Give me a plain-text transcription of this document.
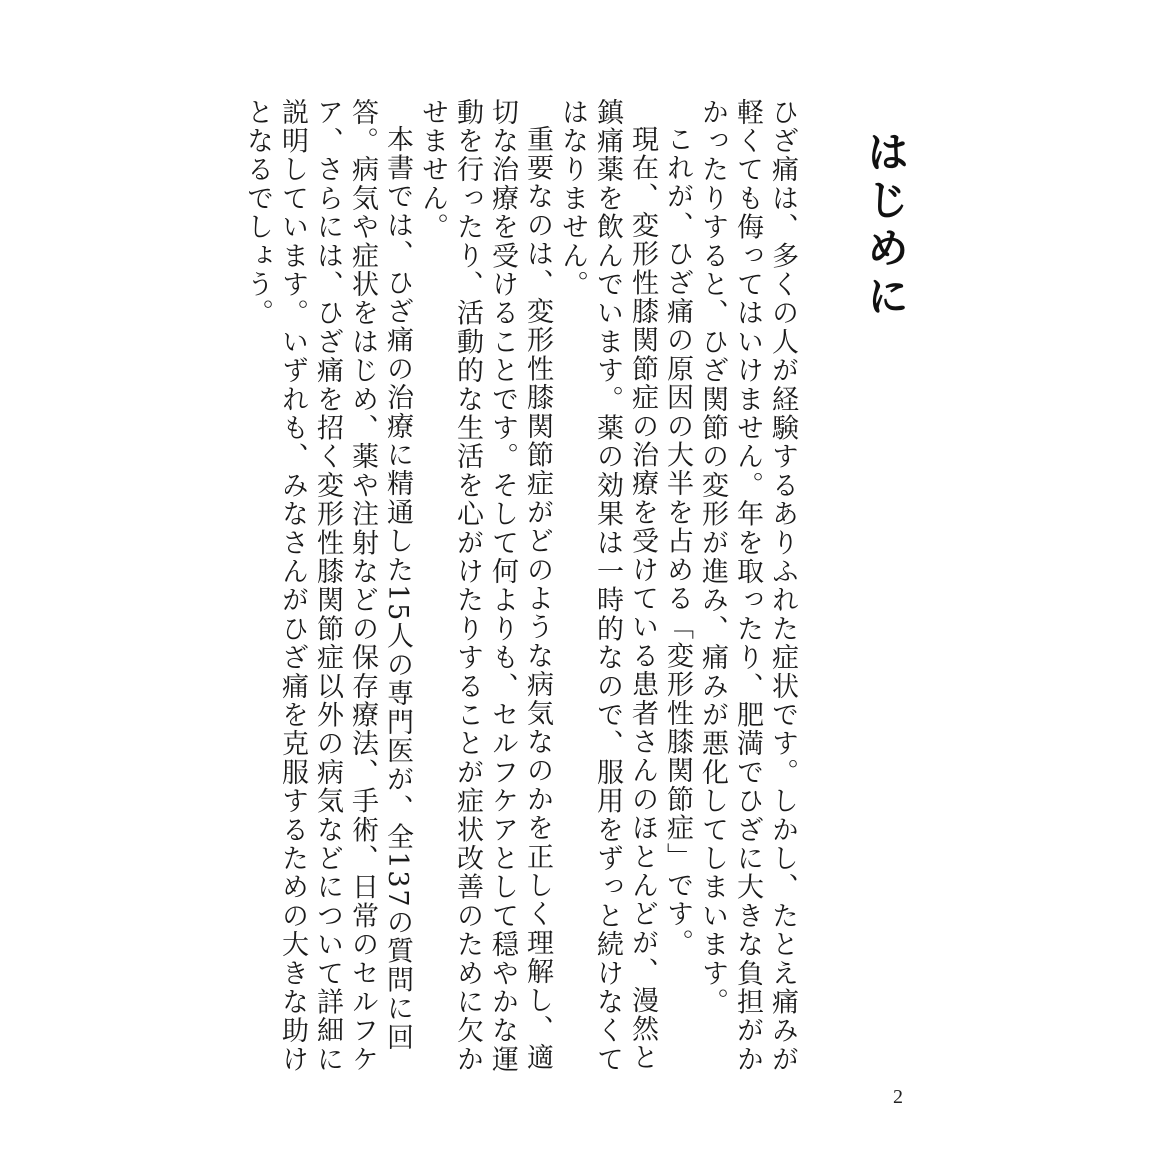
はじめに

ひざ痛は、多くの人が経験するありふれた症状です。しかし、たとえ痛みが軽くても侮ってはいけません。年を取ったり、肥満でひざに大きな負担がかかったりすると、ひざ関節の変形が進み、痛みが悪化してしまいます。

これが、ひざ痛の原因の大半を占める「変形性膝関節症」です。

現在、変形性膝関節症の治療を受けている患者さんのほとんどが、漫然と鎮痛薬を飲んでいます。薬の効果は一時的なので、服用をずっと続けなくてはなりません。

重要なのは、変形性膝関節症がどのような病気なのかを正しく理解し、適切な治療を受けることです。そして何よりも、セルフケアとして穏やかな運動を行ったり、活動的な生活を心がけたりすることが症状改善のために欠かせません。

本書では、ひざ痛の治療に精通した15人の専門医が、全137の質問に回答。病気や症状をはじめ、薬や注射などの保存療法、手術、日常のセルフケア、さらには、ひざ痛を招く変形性膝関節症以外の病気などについて詳細に説明しています。いずれも、みなさんがひざ痛を克服するための大きな助けとなるでしょう。

2
